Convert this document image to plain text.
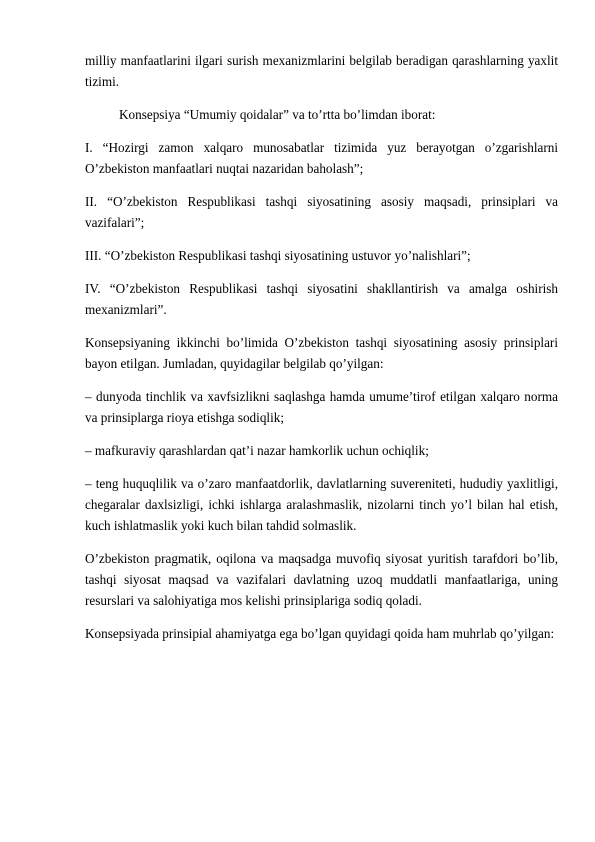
milliy manfaatlarini ilgari surish mexanizmlarini belgilab beradigan qarashlarning yaxlit tizimi.

Konsepsiya “Umumiy qoidalar” va to’rtta bo’limdan iborat:

I. “Hozirgi zamon xalqaro munosabatlar tizimida yuz berayotgan o’zgarishlarni O’zbekiston manfaatlari nuqtai nazaridan baholash”;

II. “O’zbekiston Respublikasi tashqi siyosatining asosiy maqsadi, prinsiplari va vazifalari”;

III. “O’zbekiston Respublikasi tashqi siyosatining ustuvor yo’nalishlari”;

IV. “O’zbekiston Respublikasi tashqi siyosatini shakllantirish va amalga oshirish mexanizmlari”.

Konsepsiyaning ikkinchi bo’limida O’zbekiston tashqi siyosatining asosiy prinsiplari bayon etilgan. Jumladan, quyidagilar belgilab qo’yilgan:

– dunyoda tinchlik va xavfsizlikni saqlashga hamda umume’tirof etilgan xalqaro norma va prinsiplarga rioya etishga sodiqlik;

– mafkuraviy qarashlardan qat’i nazar hamkorlik uchun ochiqlik;

– teng huquqlilik va o’zaro manfaatdorlik, davlatlarning suvereniteti, hududiy yaxlitligi, chegaralar daxlsizligi, ichki ishlarga aralashmaslik, nizolarni tinch yo’l bilan hal etish, kuch ishlatmaslik yoki kuch bilan tahdid solmaslik.

O’zbekiston pragmatik, oqilona va maqsadga muvofiq siyosat yuritish tarafdori bo’lib, tashqi siyosat maqsad va vazifalari davlatning uzoq muddatli manfaatlariga, uning resurslari va salohiyatiga mos kelishi prinsiplariga sodiq qoladi.

Konsepsiyada prinsipial ahamiyatga ega bo’lgan quyidagi qoida ham muhrlab qo’yilgan:
